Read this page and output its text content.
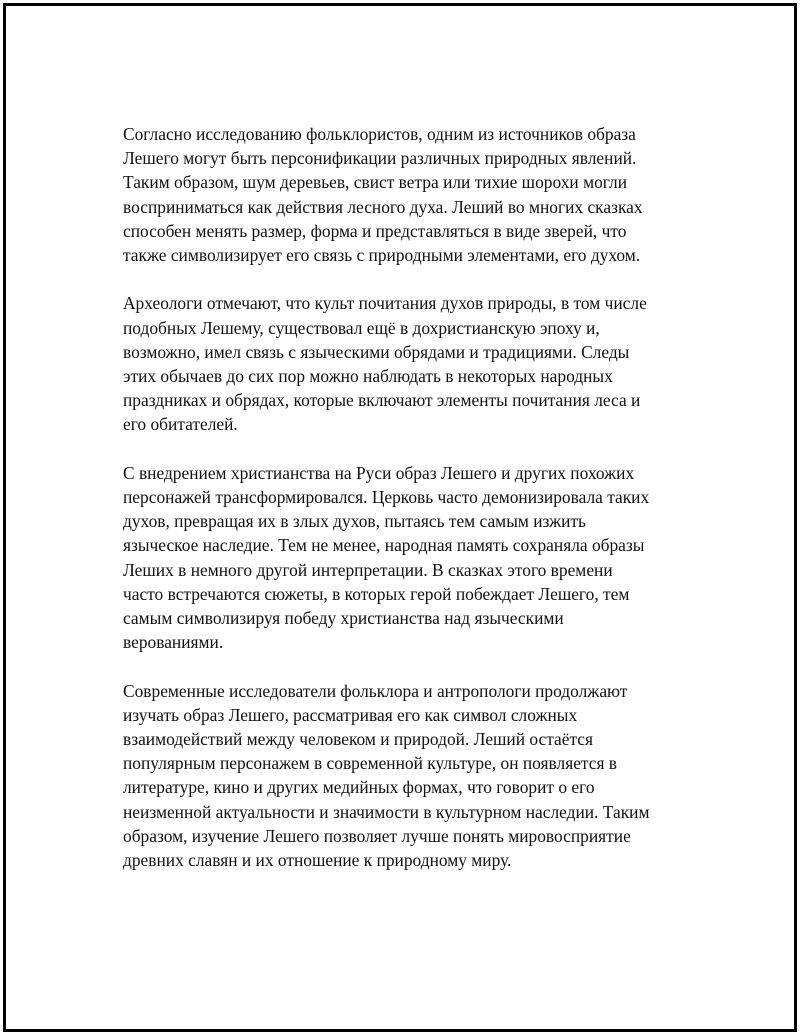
Согласно исследованию фольклористов, одним из источников образа
Лешего могут быть персонификации различных природных явлений.
Таким образом, шум деревьев, свист ветра или тихие шорохи могли
восприниматься как действия лесного духа. Леший во многих сказках
способен менять размер, форма и представляться в виде зверей, что
также символизирует его связь с природными элементами, его духом.

Археологи отмечают, что культ почитания духов природы, в том числе
подобных Лешему, существовал ещё в дохристианскую эпоху и,
возможно, имел связь с языческими обрядами и традициями. Следы
этих обычаев до сих пор можно наблюдать в некоторых народных
праздниках и обрядах, которые включают элементы почитания леса и
его обитателей.

С внедрением христианства на Руси образ Лешего и других похожих
персонажей трансформировался. Церковь часто демонизировала таких
духов, превращая их в злых духов, пытаясь тем самым изжить
языческое наследие. Тем не менее, народная память сохраняла образы
Леших в немного другой интерпретации. В сказках этого времени
часто встречаются сюжеты, в которых герой побеждает Лешего, тем
самым символизируя победу христианства над языческими
верованиями.

Современные исследователи фольклора и антропологи продолжают
изучать образ Лешего, рассматривая его как символ сложных
взаимодействий между человеком и природой. Леший остаётся
популярным персонажем в современной культуре, он появляется в
литературе, кино и других медийных формах, что говорит о его
неизменной актуальности и значимости в культурном наследии. Таким
образом, изучение Лешего позволяет лучше понять мировосприятие
древних славян и их отношение к природному миру.
